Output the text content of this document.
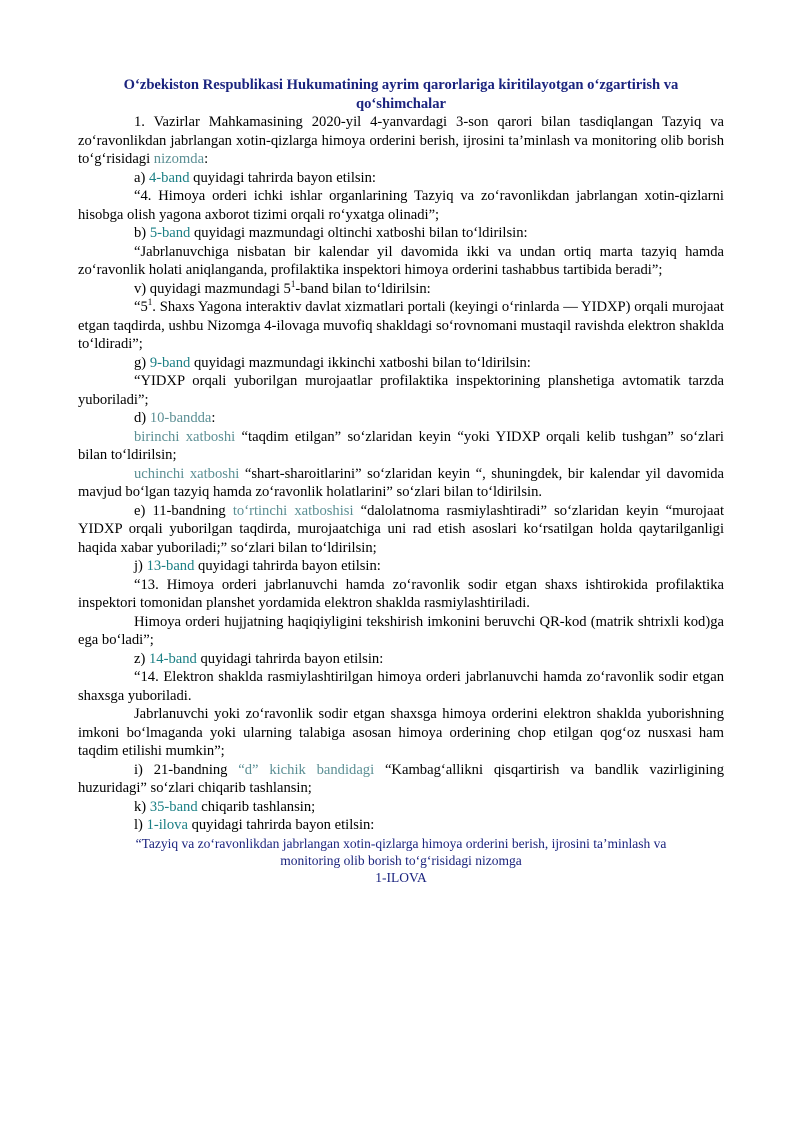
O‘zbekiston Respublikasi Hukumatining ayrim qarorlariga kiritilayotgan o‘zgartirish va
qo‘shimchalar

1. Vazirlar Mahkamasining 2020-yil 4-yanvardagi 3-son qarori bilan tasdiqlangan Tazyiq va zo‘ravonlikdan jabrlangan xotin-qizlarga himoya orderini berish, ijrosini ta’minlash va monitoring olib borish to‘g‘risidagi nizomda:

a) 4-band quyidagi tahrirda bayon etilsin:

“4. Himoya orderi ichki ishlar organlarining Tazyiq va zo‘ravonlikdan jabrlangan xotin-qizlarni hisobga olish yagona axborot tizimi orqali ro‘yxatga olinadi”;

b) 5-band quyidagi mazmundagi oltinchi xatboshi bilan to‘ldirilsin:

“Jabrlanuvchiga nisbatan bir kalendar yil davomida ikki va undan ortiq marta tazyiq hamda zo‘ravonlik holati aniqlanganda, profilaktika inspektori himoya orderini tashabbus tartibida beradi”;

v) quyidagi mazmundagi $5^1$-band bilan to‘ldirilsin:

“$5^1$. Shaxs Yagona interaktiv davlat xizmatlari portali (keyingi o‘rinlarda — YIDXP) orqali murojaat etgan taqdirda, ushbu Nizomga 4-ilovaga muvofiq shakldagi so‘rovnomani mustaqil ravishda elektron shaklda to‘ldiradi”;

g) 9-band quyidagi mazmundagi ikkinchi xatboshi bilan to‘ldirilsin:

“YIDXP orqali yuborilgan murojaatlar profilaktika inspektorining planshetiga avtomatik tarzda yuboriladi”;

d) 10-bandda:

birinchi xatboshi “taqdim etilgan” so‘zlaridan keyin “yoki YIDXP orqali kelib tushgan” so‘zlari bilan to‘ldirilsin;

uchinchi xatboshi “shart-sharoitlarini” so‘zlaridan keyin “, shuningdek, bir kalendar yil davomida mavjud bo‘lgan tazyiq hamda zo‘ravonlik holatlarini” so‘zlari bilan to‘ldirilsin.

e) 11-bandning to‘rtinchi xatboshisi “dalolatnoma rasmiylashtiradi” so‘zlaridan keyin “murojaat YIDXP orqali yuborilgan taqdirda, murojaatchiga uni rad etish asoslari ko‘rsatilgan holda qaytarilganligi haqida xabar yuboriladi;” so‘zlari bilan to‘ldirilsin;

j) 13-band quyidagi tahrirda bayon etilsin:

“13. Himoya orderi jabrlanuvchi hamda zo‘ravonlik sodir etgan shaxs ishtirokida profilaktika inspektori tomonidan planshet yordamida elektron shaklda rasmiylashtiriladi.

Himoya orderi hujjatning haqiqiyligini tekshirish imkonini beruvchi QR-kod (matrik shtrixli kod)ga ega bo‘ladi”;

z) 14-band quyidagi tahrirda bayon etilsin:

“14. Elektron shaklda rasmiylashtirilgan himoya orderi jabrlanuvchi hamda zo‘ravonlik sodir etgan shaxsga yuboriladi.

Jabrlanuvchi yoki zo‘ravonlik sodir etgan shaxsga himoya orderini elektron shaklda yuborishning imkoni bo‘lmaganda yoki ularning talabiga asosan himoya orderining chop etilgan qog‘oz nusxasi ham taqdim etilishi mumkin”;

i) 21-bandning “d” kichik bandidagi “Kambag‘allikni qisqartirish va bandlik vazirligining huzuridagi” so‘zlari chiqarib tashlansin;

k) 35-band chiqarib tashlansin;

l) 1-ilova quyidagi tahrirda bayon etilsin:

“Tazyiq va zo‘ravonlikdan jabrlangan xotin-qizlarga himoya orderini berish, ijrosini ta’minlash va
monitoring olib borish to‘g‘risidagi nizomga
1-ILOVA
